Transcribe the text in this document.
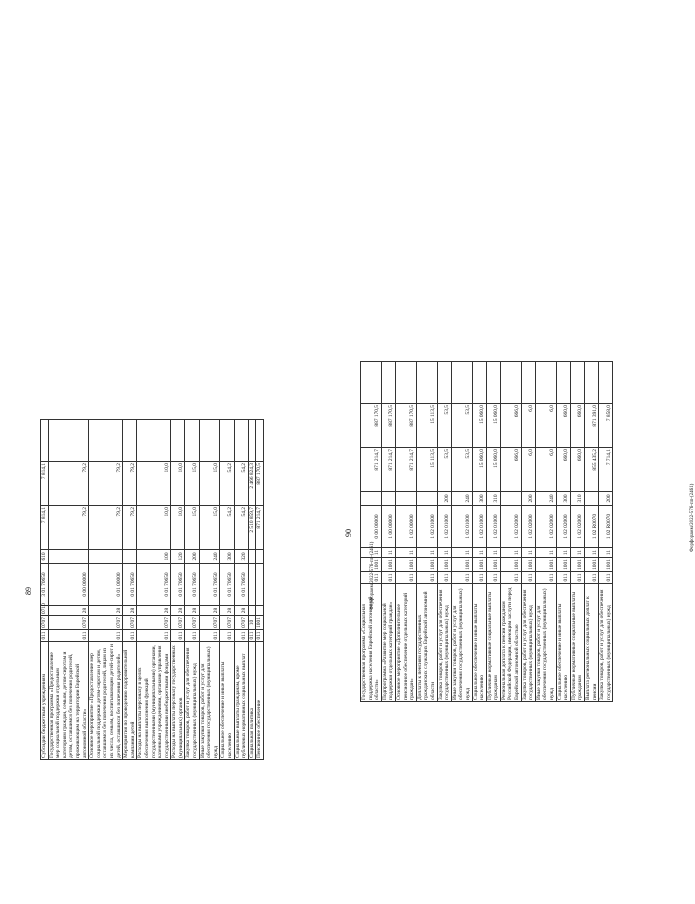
89
Субсидии бюджетным учреждениям	011	0707	0710	3 01 70650	610	7 814,1	7 814,1	
Государственная программа «Предоставление мер социальной поддержки отдельным категориям граждан, семьям, детям-сиротам и детям, оставшимся без попечения родителей, проживающим на территории Еврейской автономной области»	011	0707	28	0 00 00000		79,2	79,2	
Основное мероприятие «Предоставление мер социальной поддержки детям-сиротам и детям, оставшимся без попечения родителей, лицам из их числа, семьям, воспитывающим детей-сирот и детей, оставшихся без попечения родителей»	011	0707	28	0 01 00000		79,2	79,2	
Мероприятия по проведению оздоровительной кампании детей	011	0707	28	0 01 70650		79,2	79,2	
Расходы на выплаты персоналу в целях обеспечения выполнения функций государственными (муниципальными) органами, казенными учреждениями, органами управления государственными внебюджетными фондами	011	0707	28	0 01 70650	100	10,0	10,0	
Расходы на выплаты персоналу государственных (муниципальных) органов	011	0707	28	0 01 70650	120	10,0	10,0	
Закупка товаров, работ и услуг для обеспечения государственных (муниципальных) нужд	011	0707	28	0 01 70650	200	15,0	15,0	
Иные закупки товаров, работ и услуг для обеспечения государственных (муниципальных) нужд	011	0707	28	0 01 70650	240	15,0	15,0	
Социальное обеспечение и иные выплаты населению	011	0707	28	0 01 70650	300	54,2	54,2	
Социальные выплаты гражданам, кроме публичных нормативных социальных выплат	011	0707	28	0 01 70650	320	54,2	54,2	
Социальная политика	011	10				2 510 859,7	2 466 824,3	
Пенсионное обеспечение	011	1001				871 214,7	887 170,5	
Форфорамм/2022-576-пп-(2461)
90
Государственная программа «Социальная поддержка населения Еврейской автономной области»	011	1001	11	0 00 00000		871 214,7	887 170,5	
Подпрограмма «Развитие мер социальной поддержки отдельных категорий граждан»	011	1001	11	1 00 00000		871 214,7	887 170,5	
Основное мероприятие «Дополнительное пенсионное обеспечение отдельных категорий граждан»	011	1001	11	1 02 00000		871 214,7	887 170,5	
Доплаты к пенсиям государственных гражданских служащих Еврейской автономной области	011	1001	11	1 02 01000		15 113,5	15 113,5	
Закупка товаров, работ и услуг для обеспечения государственных (муниципальных) нужд	011	1001	11	1 02 01000	200	53,5	53,5	
Иные закупки товаров, работ и услуг для обеспечения государственных (муниципальных) нужд	011	1001	11	1 02 01000	240	53,5	53,5	
Социальное обеспечение и иные выплаты населению	011	1001	11	1 02 01000	300	15 060,0	15 060,0	
Публичные нормативные социальные выплаты гражданам	011	1001	11	1 02 01000	310	15 060,0	15 060,0	
Региональная доплата к пенсии гражданам Российской Федерации, имеющим заслуги перед Еврейской автономной областью	011	1001	11	1 02 02000		666,0	666,0	
Закупка товаров, работ и услуг для обеспечения государственных (муниципальных) нужд	011	1001	11	1 02 02000	200	6,0	6,0	
Иные закупки товаров, работ и услуг для обеспечения государственных (муниципальных) нужд	011	1001	11	1 02 02000	240	6,0	6,0	
Социальное обеспечение и иные выплаты населению	011	1001	11	1 02 02000	300	660,0	660,0	
Публичные нормативные социальные выплаты гражданам	011	1001	11	1 02 02000	310	660,0	660,0	
Выплата региональных социальных доплат к пенсии	011	1001	11	1 02 R0070		855 435,2	871 391,0	
Закупка товаров, работ и услуг для обеспечения государственных (муниципальных) нужд	011	1001	11	1 02 R0070	200	7 714,1	7 858,0	
Форфорамм/2022-576-пп-(2461)
